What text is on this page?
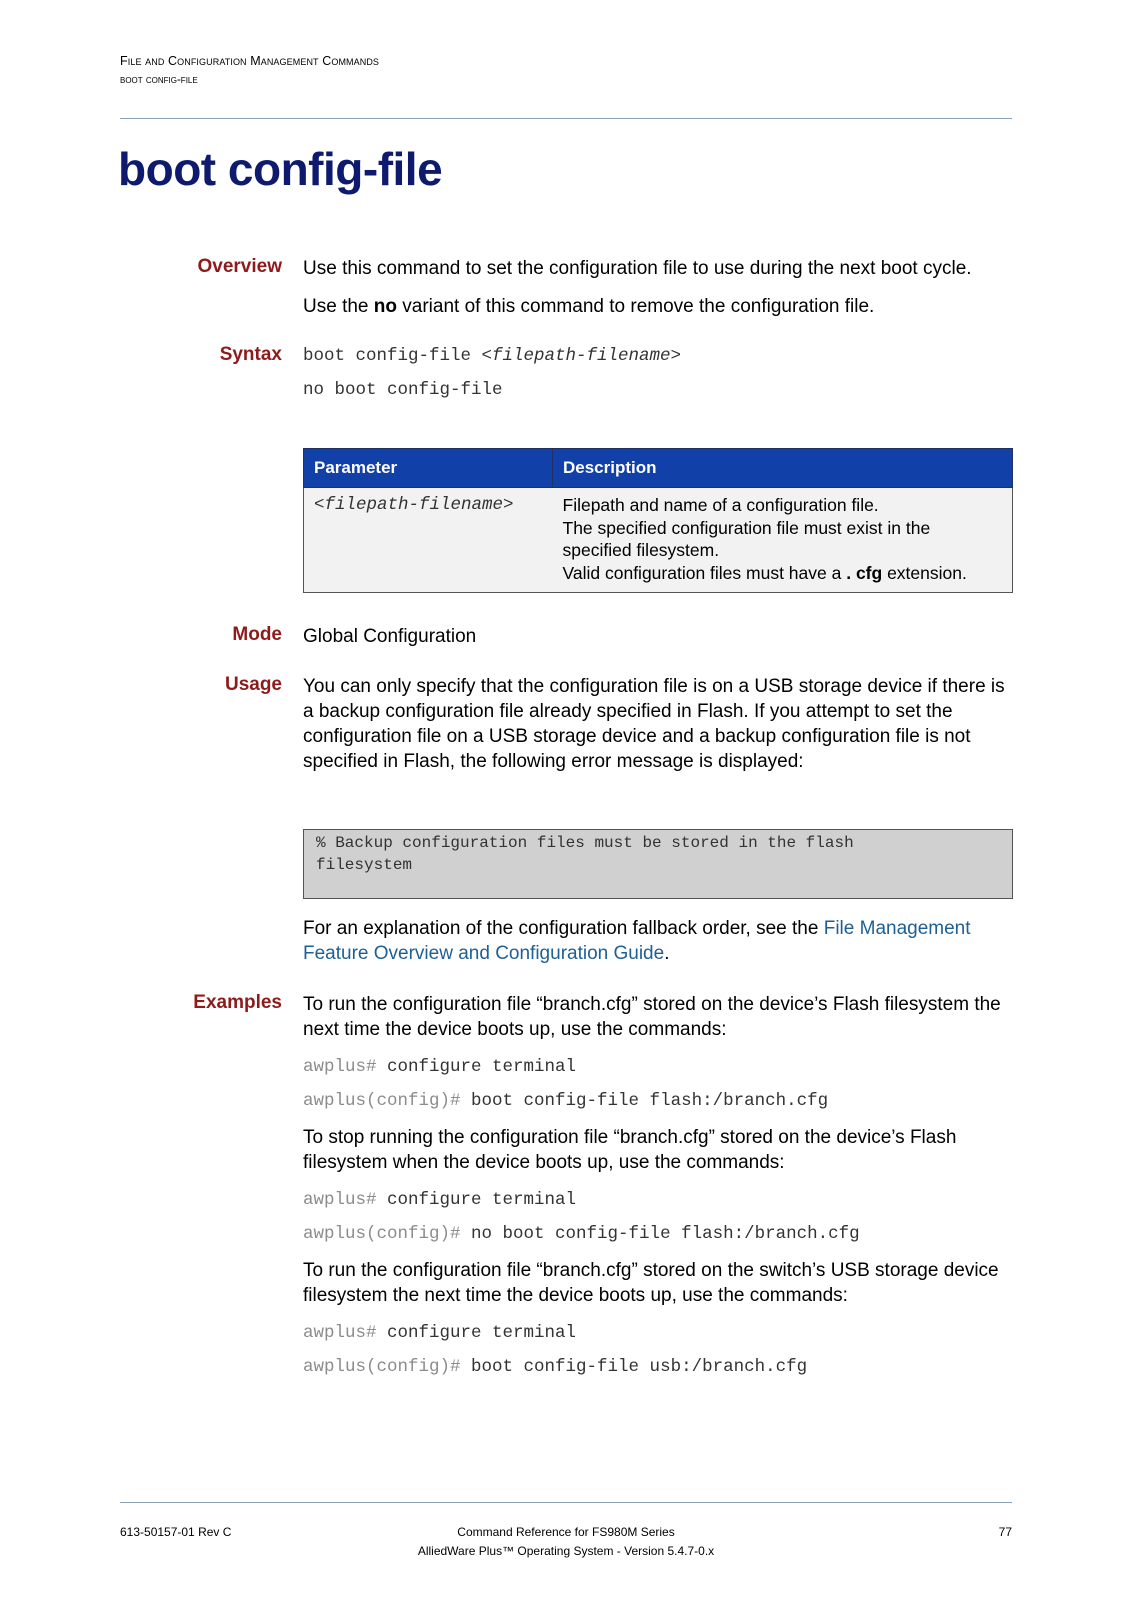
File and Configuration Management Commands
boot config-file
boot config-file
Overview Use this command to set the configuration file to use during the next boot cycle.
Use the no variant of this command to remove the configuration file.
Syntax boot config-file <filepath-filename>
no boot config-file
Parameter	Description
<filepath-filename>	Filepath and name of a configuration file.
The specified configuration file must exist in the specified filesystem.
Valid configuration files must have a . cfg extension.
Mode Global Configuration
Usage You can only specify that the configuration file is on a USB storage device if there is a backup configuration file already specified in Flash. If you attempt to set the configuration file on a USB storage device and a backup configuration file is not specified in Flash, the following error message is displayed:
% Backup configuration files must be stored in the flash
filesystem
For an explanation of the configuration fallback order, see the File Management Feature Overview and Configuration Guide.
Examples To run the configuration file “branch.cfg” stored on the device’s Flash filesystem the next time the device boots up, use the commands:
awplus# configure terminal
awplus(config)# boot config-file flash:/branch.cfg
To stop running the configuration file “branch.cfg” stored on the device’s Flash filesystem when the device boots up, use the commands:
awplus# configure terminal
awplus(config)# no boot config-file flash:/branch.cfg
To run the configuration file “branch.cfg” stored on the switch’s USB storage device filesystem the next time the device boots up, use the commands:
awplus# configure terminal
awplus(config)# boot config-file usb:/branch.cfg
613-50157-01 Rev C	Command Reference for FS980M Series
AlliedWare Plus™ Operating System - Version 5.4.7-0.x
77
